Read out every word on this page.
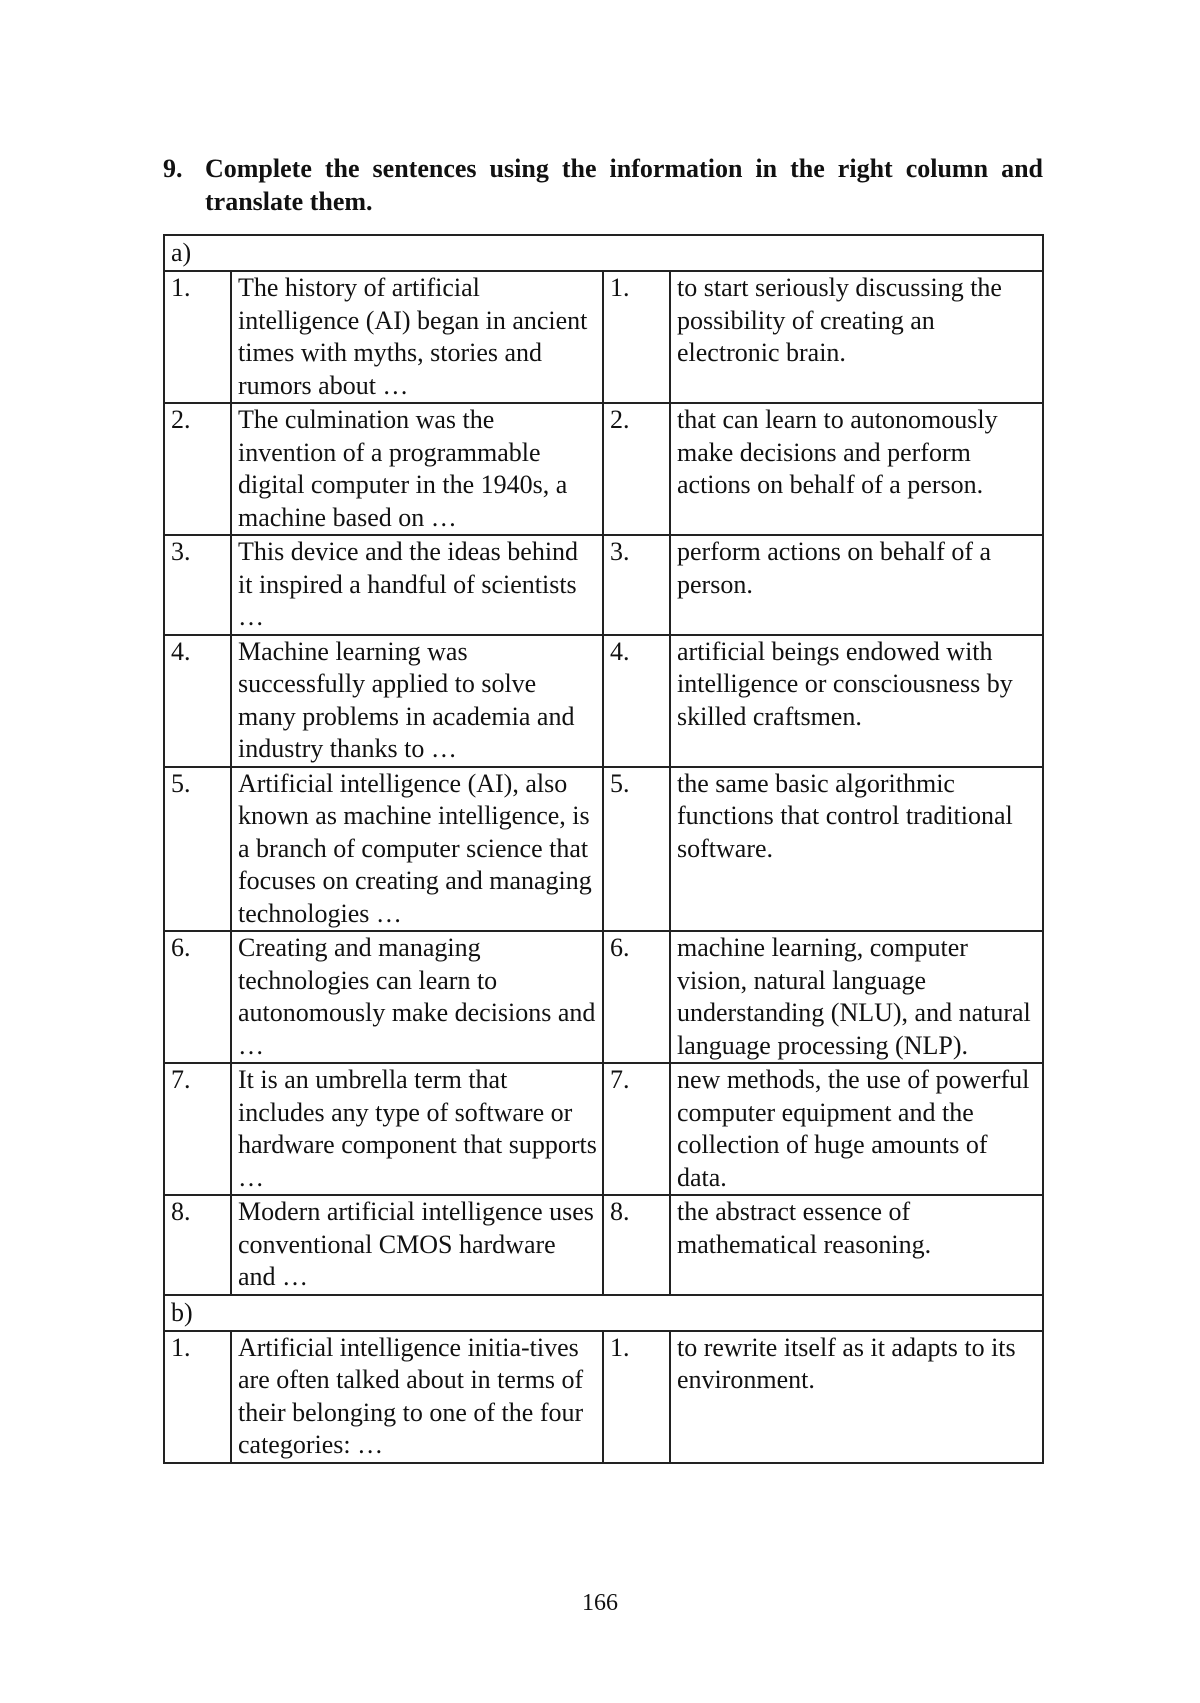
9. Complete the sentences using the information in the right column and translate them.
a)			
1.	The history of artificial intelligence (AI) began in ancient times with myths, stories and rumors about …	1.	to start seriously discussing the possibility of creating an electronic brain.
2.	The culmination was the invention of a programmable digital computer in the 1940s, a machine based on …	2.	that can learn to autonomously make decisions and perform actions on behalf of a person.
3.	This device and the ideas behind it inspired a handful of scientists …	3.	perform actions on behalf of a person.
4.	Machine learning was successfully applied to solve many problems in academia and industry thanks to …	4.	artificial beings endowed with intelligence or consciousness by skilled craftsmen.
5.	Artificial intelligence (AI), also known as machine intelligence, is a branch of computer science that focuses on creating and managing technologies …	5.	the same basic algorithmic functions that control traditional software.
6.	Creating and managing technologies can learn to autonomously make decisions and …	6.	machine learning, computer vision, natural language understanding (NLU), and natural language processing (NLP).
7.	It is an umbrella term that includes any type of software or hardware component that supports …	7.	new methods, the use of powerful computer equipment and the collection of huge amounts of data.
8.	Modern artificial intelligence uses conventional CMOS hardware and …	8.	the abstract essence of mathematical reasoning.
b)			
1.	Artificial intelligence initia-tives are often talked about in terms of their belonging to one of the four categories: …	1.	to rewrite itself as it adapts to its environment.
166
